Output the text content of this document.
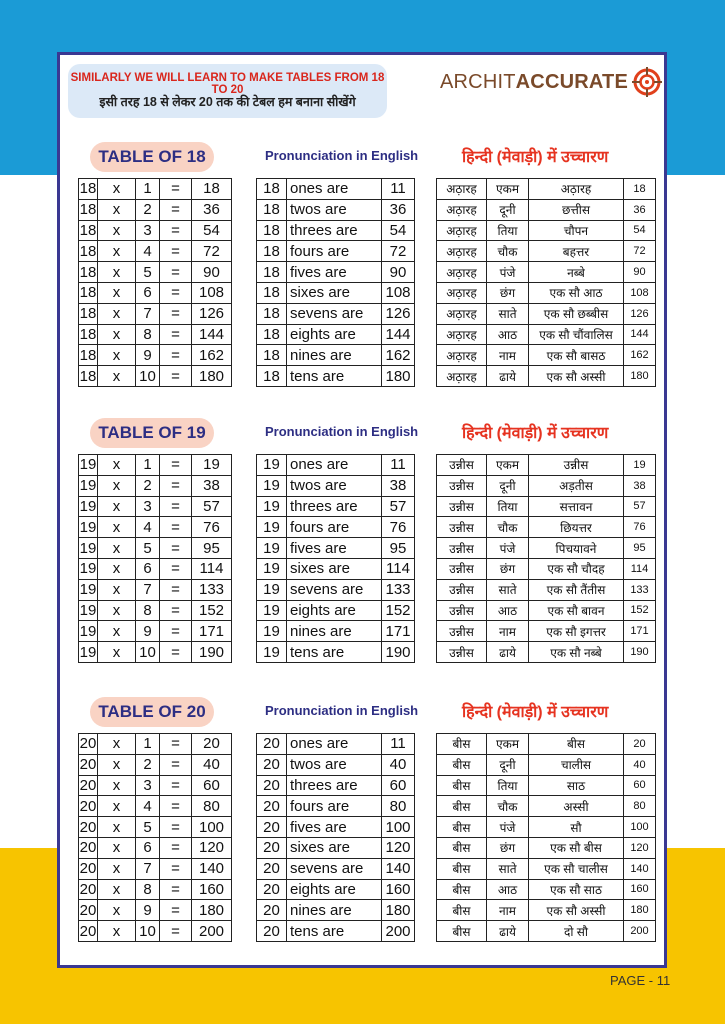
SIMILARLY WE WILL LEARN TO MAKE TABLES FROM 18 TO 20
इसी तरह 18 से लेकर 20 तक की टेबल हम बनाना सीखेंगे
ARCHIT ACCURATE
TABLE OF 18	Pronunciation in English	हिन्दी (मेवाड़ी) में उच्चारण
18	x	1	=	18
18	x	2	=	36
18	x	3	=	54
18	x	4	=	72
18	x	5	=	90
18	x	6	=	108
18	x	7	=	126
18	x	8	=	144
18	x	9	=	162
18	x	10	=	180
18	ones are	11
18	twos are	36
18	threes are	54
18	fours are	72
18	fives are	90
18	sixes are	108
18	sevens are	126
18	eights are	144
18	nines are	162
18	tens are	180
अठ़ारह	एकम	अठ़ारह	18
अठ़ारह	दूनी	छत्तीस	36
अठ़ारह	तिया	चौपन	54
अठ़ारह	चौक	बहत्तर	72
अठ़ारह	पंजे	नब्बे	90
अठ़ारह	छंग	एक सौ आठ	108
अठ़ारह	साते	एक सौ छब्बीस	126
अठ़ारह	आठ	एक सौ चौंवालिस	144
अठ़ारह	नाम	एक सौ बासठ	162
अठ़ारह	ढाये	एक सौ अस्सी	180
TABLE OF 19	Pronunciation in English	हिन्दी (मेवाड़ी) में उच्चारण
19	x	1	=	19
19	x	2	=	38
19	x	3	=	57
19	x	4	=	76
19	x	5	=	95
19	x	6	=	114
19	x	7	=	133
19	x	8	=	152
19	x	9	=	171
19	x	10	=	190
19	ones are	11
19	twos are	38
19	threes are	57
19	fours are	76
19	fives are	95
19	sixes are	114
19	sevens are	133
19	eights are	152
19	nines are	171
19	tens are	190
उन्नीस	एकम	उन्नीस	19
उन्नीस	दूनी	अड़तीस	38
उन्नीस	तिया	सत्तावन	57
उन्नीस	चौक	छियत्तर	76
उन्नीस	पंजे	पिचयावने	95
उन्नीस	छंग	एक सौ चौदह	114
उन्नीस	साते	एक सौ तैंतीस	133
उन्नीस	आठ	एक सौ बावन	152
उन्नीस	नाम	एक सौ इगत्तर	171
उन्नीस	ढाये	एक सौ नब्बे	190
TABLE OF 20	Pronunciation in English	हिन्दी (मेवाड़ी) में उच्चारण
20	x	1	=	20
20	x	2	=	40
20	x	3	=	60
20	x	4	=	80
20	x	5	=	100
20	x	6	=	120
20	x	7	=	140
20	x	8	=	160
20	x	9	=	180
20	x	10	=	200
20	ones are	11
20	twos are	40
20	threes are	60
20	fours are	80
20	fives are	100
20	sixes are	120
20	sevens are	140
20	eights are	160
20	nines are	180
20	tens are	200
बीस	एकम	बीस	20
बीस	दूनी	चालीस	40
बीस	तिया	साठ	60
बीस	चौक	अस्सी	80
बीस	पंजे	सौ	100
बीस	छंग	एक सौ बीस	120
बीस	साते	एक सौ चालीस	140
बीस	आठ	एक सौ साठ	160
बीस	नाम	एक सौ अस्सी	180
बीस	ढाये	दो सौ	200
PAGE - 11
